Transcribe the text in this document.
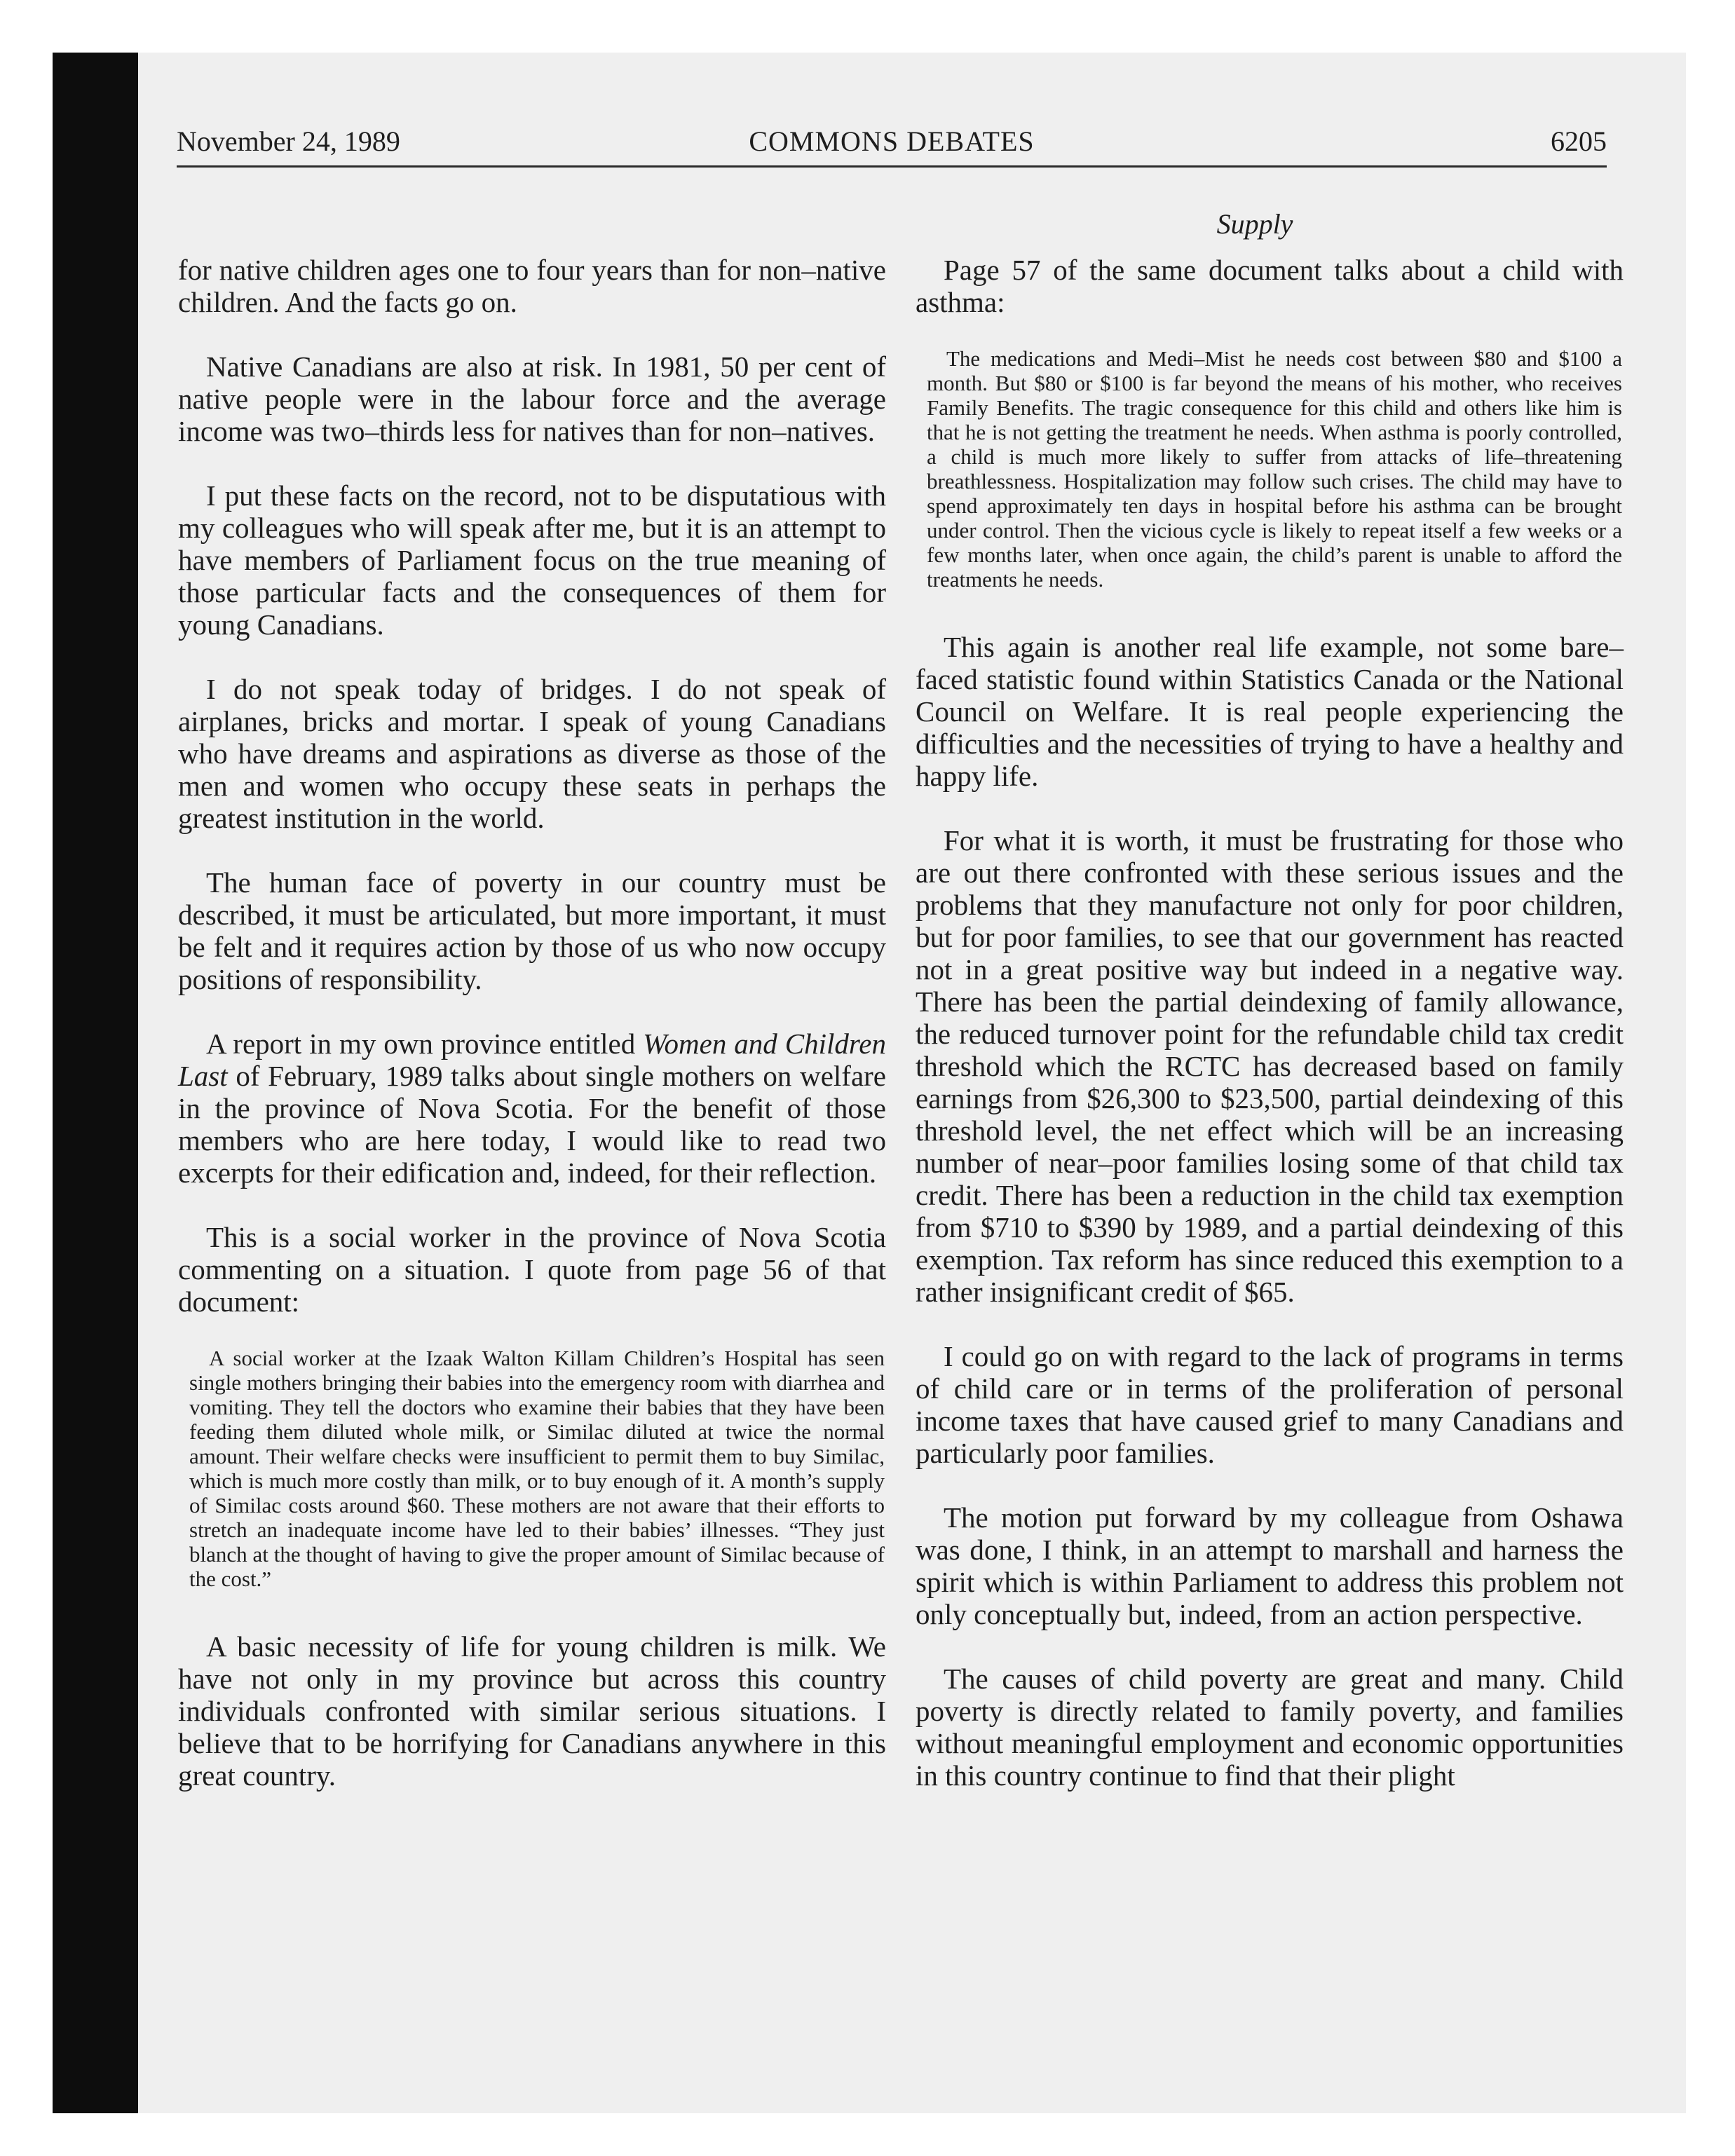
November 24, 1989	COMMONS DEBATES	6205
Supply

for native children ages one to four years than for non–native children. And the facts go on.

Native Canadians are also at risk. In 1981, 50 per cent of native people were in the labour force and the average income was two–thirds less for natives than for non–natives.

I put these facts on the record, not to be disputatious with my colleagues who will speak after me, but it is an attempt to have members of Parliament focus on the true meaning of those particular facts and the consequences of them for young Canadians.

I do not speak today of bridges. I do not speak of airplanes, bricks and mortar. I speak of young Canadians who have dreams and aspirations as diverse as those of the men and women who occupy these seats in perhaps the greatest institution in the world.

The human face of poverty in our country must be described, it must be articulated, but more important, it must be felt and it requires action by those of us who now occupy positions of responsibility.

A report in my own province entitled Women and Children Last of February, 1989 talks about single mothers on welfare in the province of Nova Scotia. For the benefit of those members who are here today, I would like to read two excerpts for their edification and, indeed, for their reflection.

This is a social worker in the province of Nova Scotia commenting on a situation. I quote from page 56 of that document:

A social worker at the Izaak Walton Killam Children’s Hospital has seen single mothers bringing their babies into the emergency room with diarrhea and vomiting. They tell the doctors who examine their babies that they have been feeding them diluted whole milk, or Similac diluted at twice the normal amount. Their welfare checks were insufficient to permit them to buy Similac, which is much more costly than milk, or to buy enough of it. A month’s supply of Similac costs around $60. These mothers are not aware that their efforts to stretch an inadequate income have led to their babies’ illnesses. “They just blanch at the thought of having to give the proper amount of Similac because of the cost.”

A basic necessity of life for young children is milk. We have not only in my province but across this country individuals confronted with similar serious situations. I believe that to be horrifying for Canadians anywhere in this great country.

Page 57 of the same document talks about a child with asthma:

The medications and Medi–Mist he needs cost between $80 and $100 a month. But $80 or $100 is far beyond the means of his mother, who receives Family Benefits. The tragic consequence for this child and others like him is that he is not getting the treatment he needs. When asthma is poorly controlled, a child is much more likely to suffer from attacks of life–threatening breathlessness. Hospitalization may follow such crises. The child may have to spend approximately ten days in hospital before his asthma can be brought under control. Then the vicious cycle is likely to repeat itself a few weeks or a few months later, when once again, the child’s parent is unable to afford the treatments he needs.

This again is another real life example, not some bare–faced statistic found within Statistics Canada or the National Council on Welfare. It is real people experiencing the difficulties and the necessities of trying to have a healthy and happy life.

For what it is worth, it must be frustrating for those who are out there confronted with these serious issues and the problems that they manufacture not only for poor children, but for poor families, to see that our government has reacted not in a great positive way but indeed in a negative way. There has been the partial deindexing of family allowance, the reduced turnover point for the refundable child tax credit threshold which the RCTC has decreased based on family earnings from $26,300 to $23,500, partial deindexing of this threshold level, the net effect which will be an increasing number of near–poor families losing some of that child tax credit. There has been a reduction in the child tax exemption from $710 to $390 by 1989, and a partial deindexing of this exemption. Tax reform has since reduced this exemption to a rather insignificant credit of $65.

I could go on with regard to the lack of programs in terms of child care or in terms of the proliferation of personal income taxes that have caused grief to many Canadians and particularly poor families.

The motion put forward by my colleague from Oshawa was done, I think, in an attempt to marshall and harness the spirit which is within Parliament to address this problem not only conceptually but, indeed, from an action perspective.

The causes of child poverty are great and many. Child poverty is directly related to family poverty, and families without meaningful employment and economic opportunities in this country continue to find that their plight
